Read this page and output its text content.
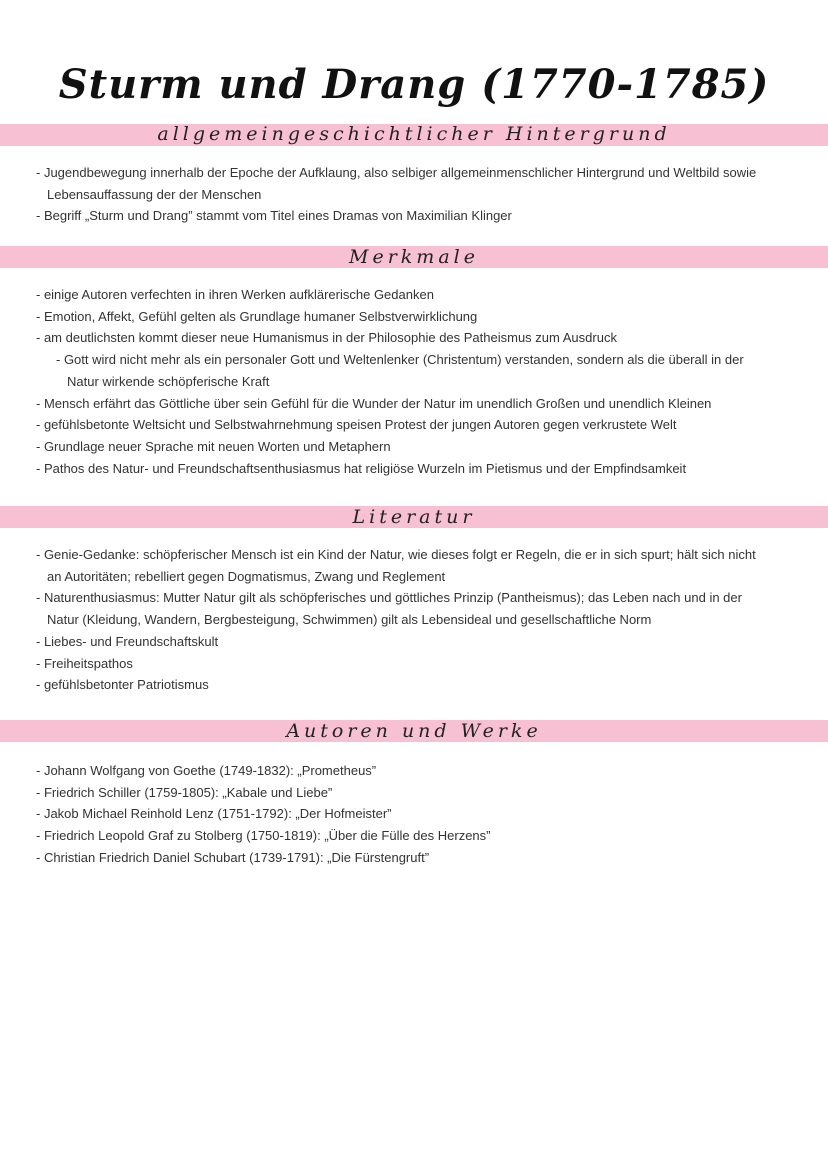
Sturm und Drang (1770-1785)
allgemeingeschichtlicher Hintergrund

- Jugendbewegung innerhalb der Epoche der Aufklaung, also selbiger allgemeinmenschlicher Hintergrund und Weltbild sowie

Lebensauffassung der der Menschen

- Begriff „Sturm und Drang” stammt vom Titel eines Dramas von Maximilian Klinger

Merkmale

- einige Autoren verfechten in ihren Werken aufklärerische Gedanken

- Emotion, Affekt, Gefühl gelten als Grundlage humaner Selbstverwirklichung

- am deutlichsten kommt dieser neue Humanismus in der Philosophie des Patheismus zum Ausdruck

- Gott wird nicht mehr als ein personaler Gott und Weltenlenker (Christentum) verstanden, sondern als die überall in der

Natur wirkende schöpferische Kraft

- Mensch erfährt das Göttliche über sein Gefühl für die Wunder der Natur im unendlich Großen und unendlich Kleinen

- gefühlsbetonte Weltsicht und Selbstwahrnehmung speisen Protest der jungen Autoren gegen verkrustete Welt

- Grundlage neuer Sprache mit neuen Worten und Metaphern

- Pathos des Natur- und Freundschaftsenthusiasmus hat religiöse Wurzeln im Pietismus und der Empfindsamkeit

Literatur

- Genie-Gedanke: schöpferischer Mensch ist ein Kind der Natur, wie dieses folgt er Regeln, die er in sich spurt; hält sich nicht

an Autoritäten; rebelliert gegen Dogmatismus, Zwang und Reglement

- Naturenthusiasmus: Mutter Natur gilt als schöpferisches und göttliches Prinzip (Pantheismus); das Leben nach und in der

Natur (Kleidung, Wandern, Bergbesteigung, Schwimmen) gilt als Lebensideal und gesellschaftliche Norm

- Liebes- und Freundschaftskult

- Freiheitspathos

- gefühlsbetonter Patriotismus

Autoren und Werke

- Johann Wolfgang von Goethe (1749-1832): „Prometheus”

- Friedrich Schiller (1759-1805): „Kabale und Liebe”

- Jakob Michael Reinhold Lenz (1751-1792): „Der Hofmeister”

- Friedrich Leopold Graf zu Stolberg (1750-1819): „Über die Fülle des Herzens”

- Christian Friedrich Daniel Schubart (1739-1791): „Die Fürstengruft”
